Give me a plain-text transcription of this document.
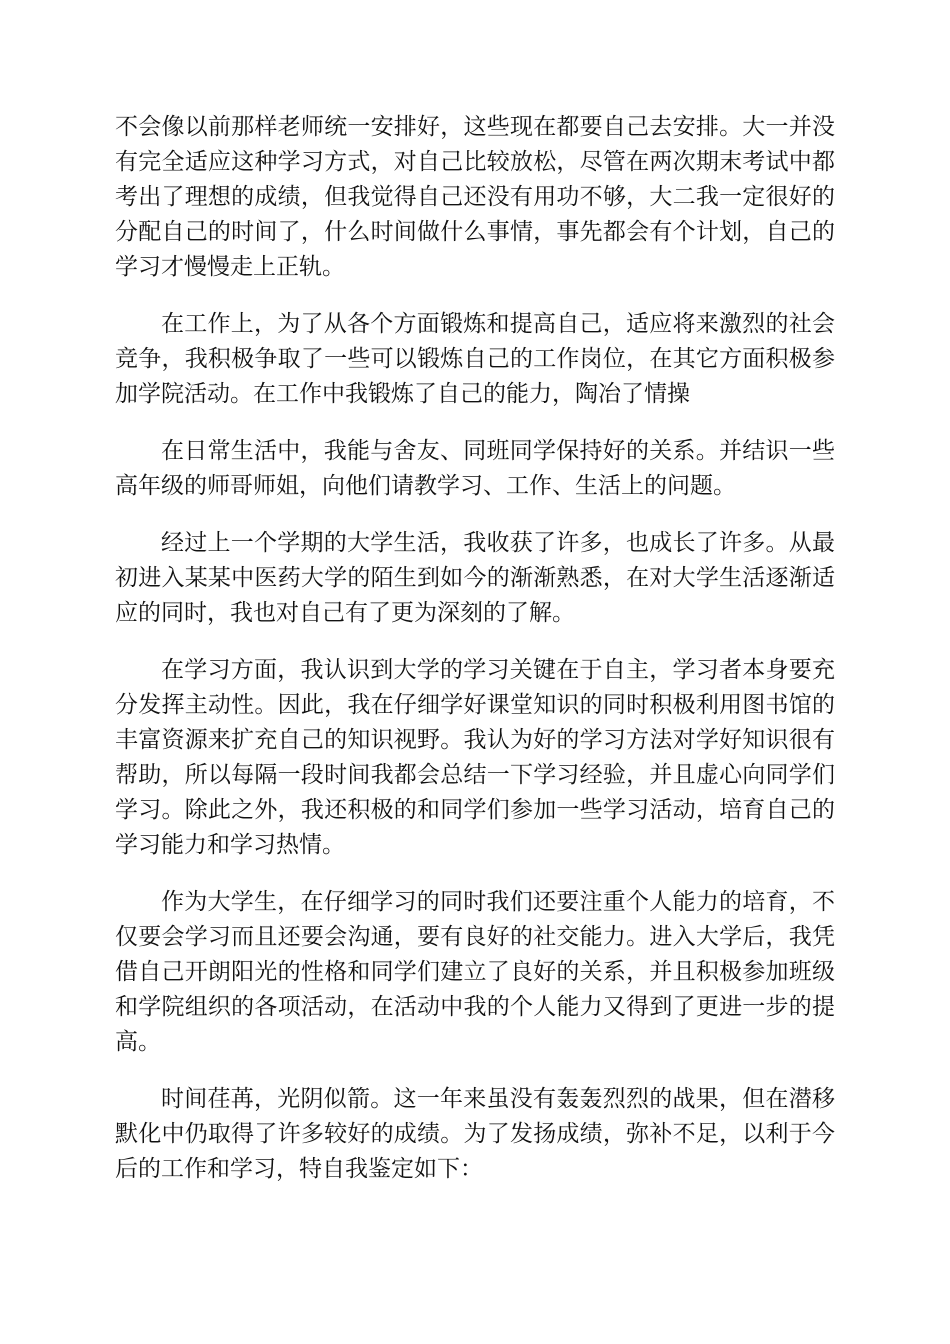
不会像以前那样老师统一安排好，这些现在都要自己去安排。大一并没有完全适应这种学习方式，对自己比较放松，尽管在两次期末考试中都考出了理想的成绩，但我觉得自己还没有用功不够，大二我一定很好的分配自己的时间了，什么时间做什么事情，事先都会有个计划，自己的学习才慢慢走上正轨。

在工作上，为了从各个方面锻炼和提高自己，适应将来激烈的社会竞争，我积极争取了一些可以锻炼自己的工作岗位，在其它方面积极参加学院活动。在工作中我锻炼了自己的能力，陶冶了情操

在日常生活中，我能与舍友、同班同学保持好的关系。并结识一些高年级的师哥师姐，向他们请教学习、工作、生活上的问题。

经过上一个学期的大学生活，我收获了许多，也成长了许多。从最初进入某某中医药大学的陌生到如今的渐渐熟悉，在对大学生活逐渐适应的同时，我也对自己有了更为深刻的了解。

在学习方面，我认识到大学的学习关键在于自主，学习者本身要充分发挥主动性。因此，我在仔细学好课堂知识的同时积极利用图书馆的丰富资源来扩充自己的知识视野。我认为好的学习方法对学好知识很有帮助，所以每隔一段时间我都会总结一下学习经验，并且虚心向同学们学习。除此之外，我还积极的和同学们参加一些学习活动，培育自己的学习能力和学习热情。

作为大学生，在仔细学习的同时我们还要注重个人能力的培育，不仅要会学习而且还要会沟通，要有良好的社交能力。进入大学后，我凭借自己开朗阳光的性格和同学们建立了良好的关系，并且积极参加班级和学院组织的各项活动，在活动中我的个人能力又得到了更进一步的提高。

时间荏苒，光阴似箭。这一年来虽没有轰轰烈烈的战果，但在潜移默化中仍取得了许多较好的成绩。为了发扬成绩，弥补不足，以利于今后的工作和学习，特自我鉴定如下：
